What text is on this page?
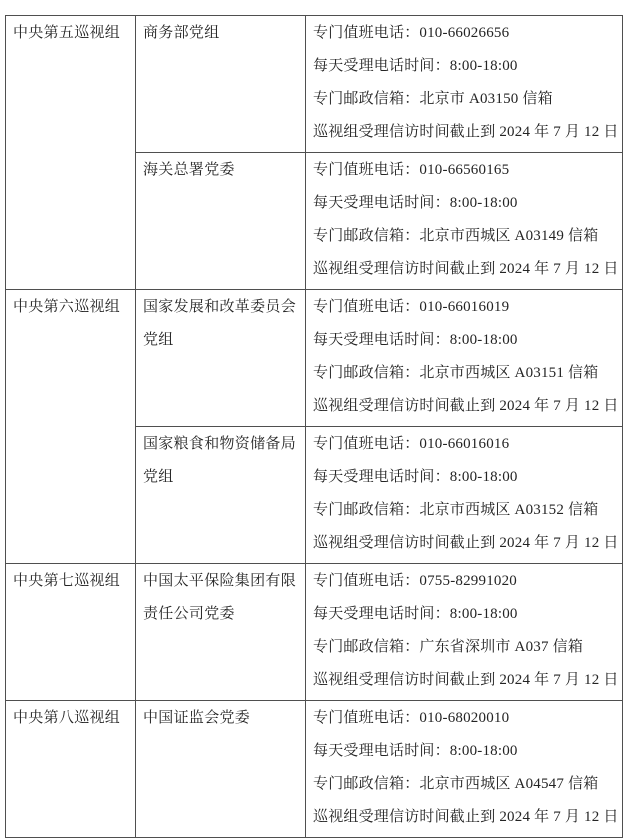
中央第五巡视组	商务部党组	专门值班电话：010-66026656
每天受理电话时间：8:00-18:00
专门邮政信箱：北京市 A03150 信箱
巡视组受理信访时间截止到 2024 年 7 月 12 日

	海关总署党委	专门值班电话：010-66560165
每天受理电话时间：8:00-18:00
专门邮政信箱：北京市西城区 A03149 信箱
巡视组受理信访时间截止到 2024 年 7 月 12 日

中央第六巡视组	国家发展和改革委员会党组	专门值班电话：010-66016019
每天受理电话时间：8:00-18:00
专门邮政信箱：北京市西城区 A03151 信箱
巡视组受理信访时间截止到 2024 年 7 月 12 日

	国家粮食和物资储备局党组	专门值班电话：010-66016016
每天受理电话时间：8:00-18:00
专门邮政信箱：北京市西城区 A03152 信箱
巡视组受理信访时间截止到 2024 年 7 月 12 日

中央第七巡视组	中国太平保险集团有限责任公司党委	专门值班电话：0755-82991020
每天受理电话时间：8:00-18:00
专门邮政信箱：广东省深圳市 A037 信箱
巡视组受理信访时间截止到 2024 年 7 月 12 日

中央第八巡视组	中国证监会党委	专门值班电话：010-68020010
每天受理电话时间：8:00-18:00
专门邮政信箱：北京市西城区 A04547 信箱
巡视组受理信访时间截止到 2024 年 7 月 12 日
